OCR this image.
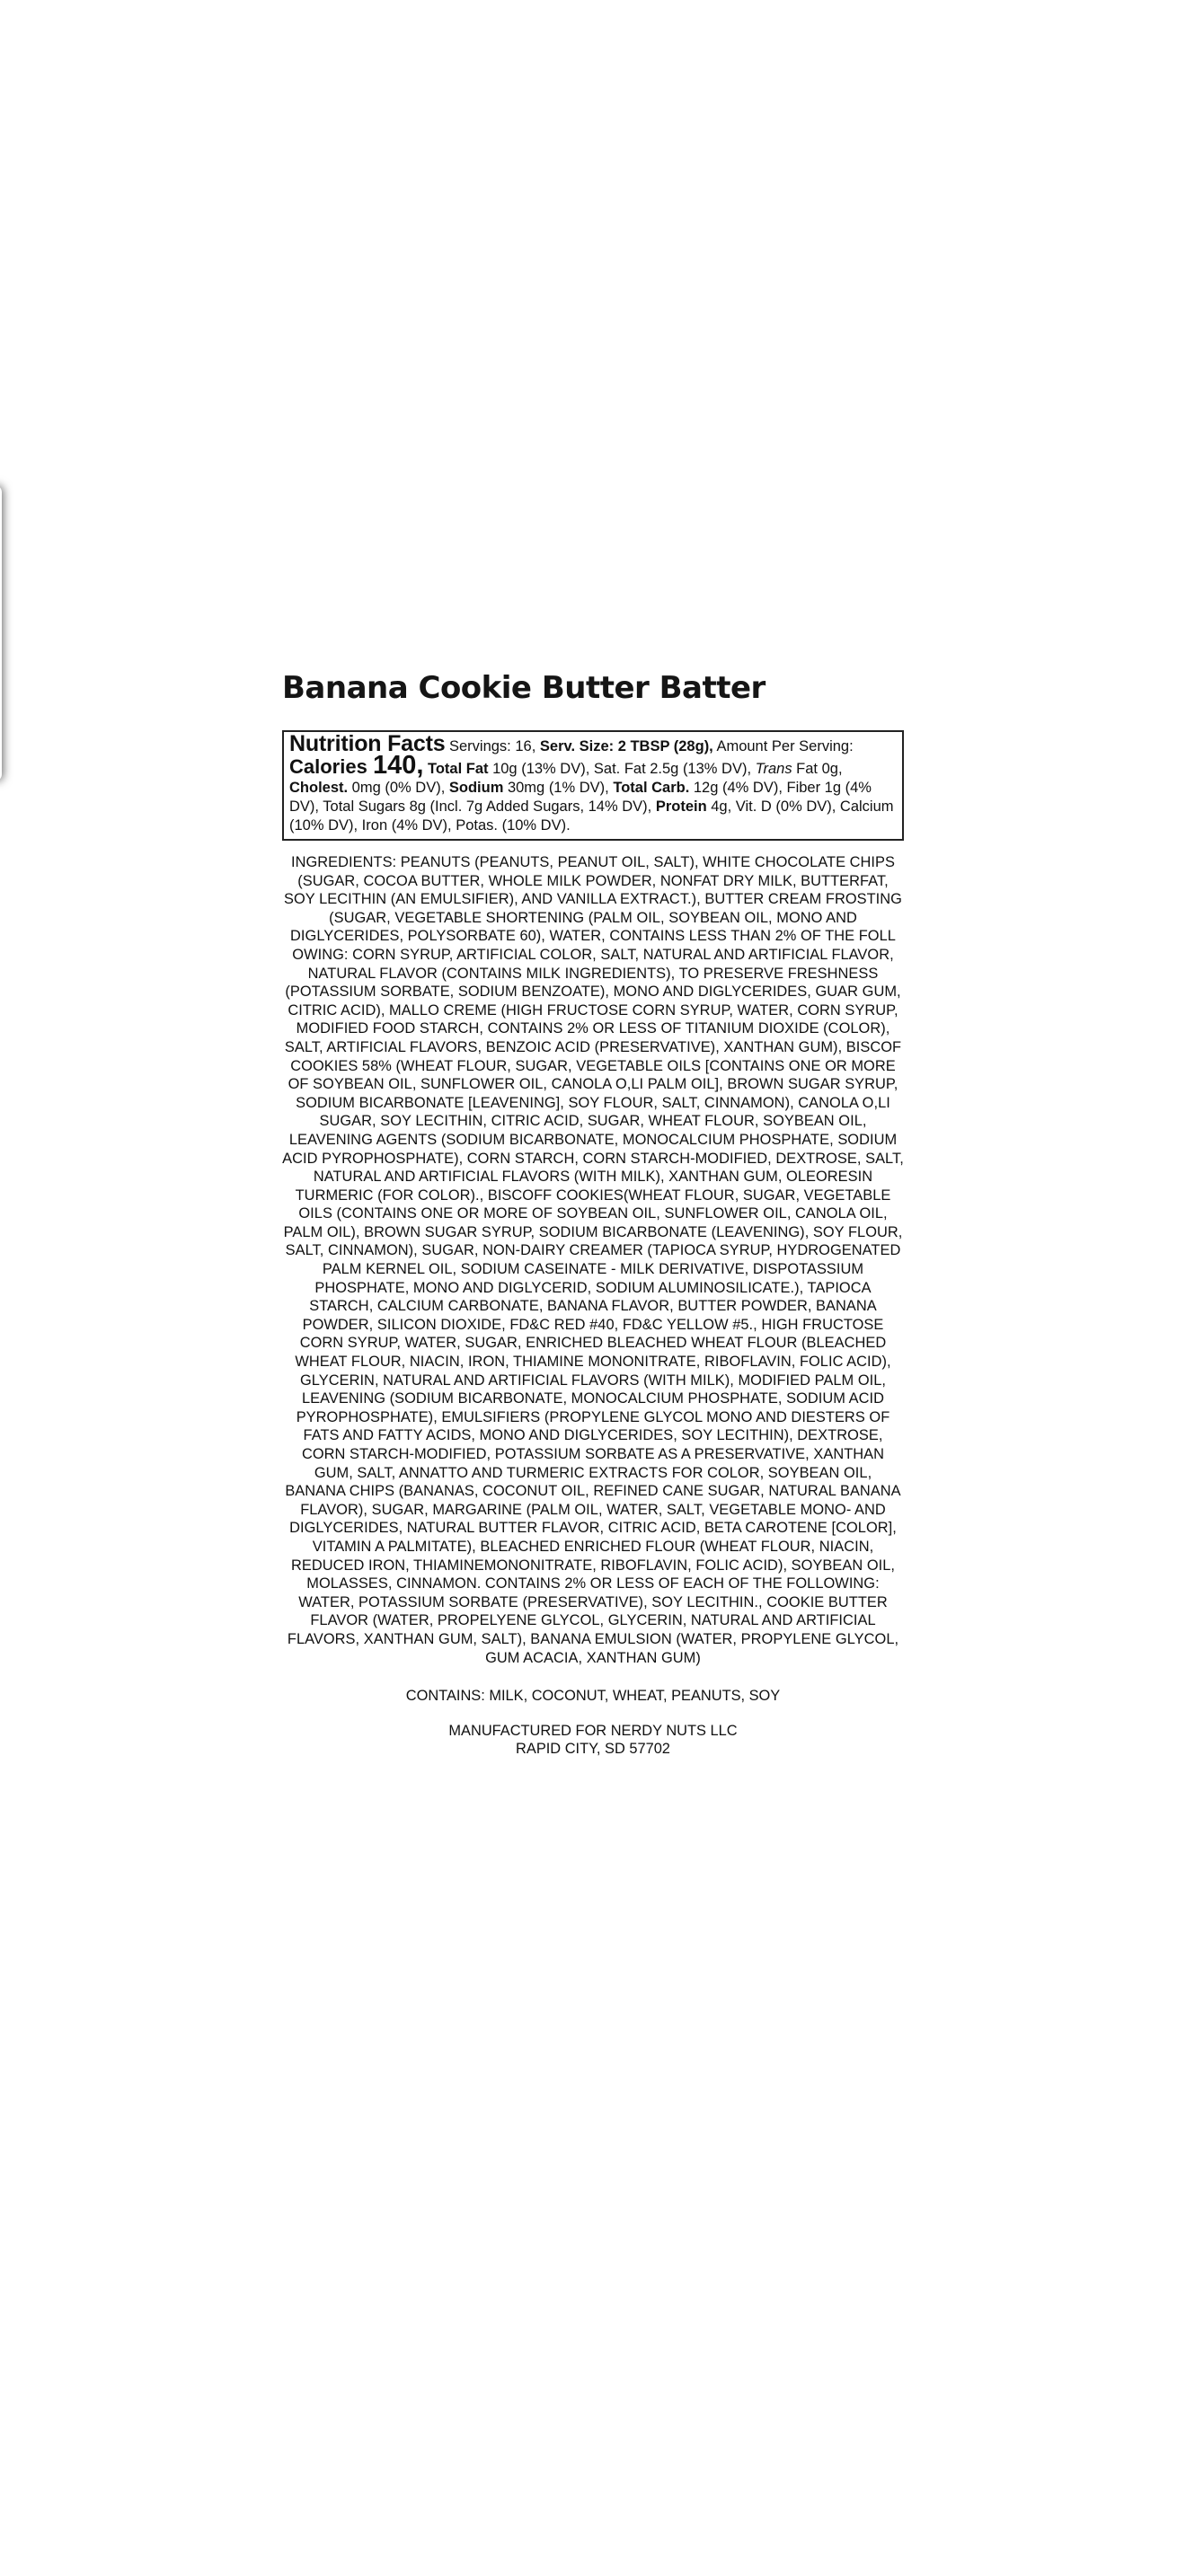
Banana Cookie Butter Batter
Nutrition Facts Servings: 16, Serv. Size: 2 TBSP (28g), Amount Per Serving: Calories 140, Total Fat 10g (13% DV), Sat. Fat 2.5g (13% DV), Trans Fat 0g, Cholest. 0mg (0% DV), Sodium 30mg (1% DV), Total Carb. 12g (4% DV), Fiber 1g (4% DV), Total Sugars 8g (Incl. 7g Added Sugars, 14% DV), Protein 4g, Vit. D (0% DV), Calcium (10% DV), Iron (4% DV), Potas. (10% DV).

INGREDIENTS: PEANUTS (PEANUTS, PEANUT OIL, SALT), WHITE CHOCOLATE CHIPS (SUGAR, COCOA BUTTER, WHOLE MILK POWDER, NONFAT DRY MILK, BUTTERFAT, SOY LECITHIN (AN EMULSIFIER), AND VANILLA EXTRACT.), BUTTER CREAM FROSTING (SUGAR, VEGETABLE SHORTENING (PALM OIL, SOYBEAN OIL, MONO AND DIGLYCERIDES, POLYSORBATE 60), WATER, CONTAINS LESS THAN 2% OF THE FOLL OWING: CORN SYRUP, ARTIFICIAL COLOR, SALT, NATURAL AND ARTIFICIAL FLAVOR, NATURAL FLAVOR (CONTAINS MILK INGREDIENTS), TO PRESERVE FRESHNESS (POTASSIUM SORBATE, SODIUM BENZOATE), MONO AND DIGLYCERIDES, GUAR GUM, CITRIC ACID), MALLO CREME (HIGH FRUCTOSE CORN SYRUP, WATER, CORN SYRUP, MODIFIED FOOD STARCH, CONTAINS 2% OR LESS OF TITANIUM DIOXIDE (COLOR), SALT, ARTIFICIAL FLAVORS, BENZOIC ACID (PRESERVATIVE), XANTHAN GUM), BISCOF COOKIES 58% (WHEAT FLOUR, SUGAR, VEGETABLE OILS [CONTAINS ONE OR MORE OF SOYBEAN OIL, SUNFLOWER OIL, CANOLA O,LI PALM OIL], BROWN SUGAR SYRUP, SODIUM BICARBONATE [LEAVENING], SOY FLOUR, SALT, CINNAMON), CANOLA O,LI SUGAR, SOY LECITHIN, CITRIC ACID, SUGAR, WHEAT FLOUR, SOYBEAN OIL, LEAVENING AGENTS (SODIUM BICARBONATE, MONOCALCIUM PHOSPHATE, SODIUM ACID PYROPHOSPHATE), CORN STARCH, CORN STARCH-MODIFIED, DEXTROSE, SALT, NATURAL AND ARTIFICIAL FLAVORS (WITH MILK), XANTHAN GUM, OLEORESIN TURMERIC (FOR COLOR)., BISCOFF COOKIES(WHEAT FLOUR, SUGAR, VEGETABLE OILS (CONTAINS ONE OR MORE OF SOYBEAN OIL, SUNFLOWER OIL, CANOLA OIL, PALM OIL), BROWN SUGAR SYRUP, SODIUM BICARBONATE (LEAVENING), SOY FLOUR, SALT, CINNAMON), SUGAR, NON-DAIRY CREAMER (TAPIOCA SYRUP, HYDROGENATED PALM KERNEL OIL, SODIUM CASEINATE - MILK DERIVATIVE, DISPOTASSIUM PHOSPHATE, MONO AND DIGLYCERID, SODIUM ALUMINOSILICATE.), TAPIOCA STARCH, CALCIUM CARBONATE, BANANA FLAVOR, BUTTER POWDER, BANANA POWDER, SILICON DIOXIDE, FD&C RED #40, FD&C YELLOW #5., HIGH FRUCTOSE CORN SYRUP, WATER, SUGAR, ENRICHED BLEACHED WHEAT FLOUR (BLEACHED WHEAT FLOUR, NIACIN, IRON, THIAMINE MONONITRATE, RIBOFLAVIN, FOLIC ACID), GLYCERIN, NATURAL AND ARTIFICIAL FLAVORS (WITH MILK), MODIFIED PALM OIL, LEAVENING (SODIUM BICARBONATE, MONOCALCIUM PHOSPHATE, SODIUM ACID PYROPHOSPHATE), EMULSIFIERS (PROPYLENE GLYCOL MONO AND DIESTERS OF FATS AND FATTY ACIDS, MONO AND DIGLYCERIDES, SOY LECITHIN), DEXTROSE, CORN STARCH-MODIFIED, POTASSIUM SORBATE AS A PRESERVATIVE, XANTHAN GUM, SALT, ANNATTO AND TURMERIC EXTRACTS FOR COLOR, SOYBEAN OIL, BANANA CHIPS (BANANAS, COCONUT OIL, REFINED CANE SUGAR, NATURAL BANANA FLAVOR), SUGAR, MARGARINE (PALM OIL, WATER, SALT, VEGETABLE MONO- AND DIGLYCERIDES, NATURAL BUTTER FLAVOR, CITRIC ACID, BETA CAROTENE [COLOR], VITAMIN A PALMITATE), BLEACHED ENRICHED FLOUR (WHEAT FLOUR, NIACIN, REDUCED IRON, THIAMINEMONONITRATE, RIBOFLAVIN, FOLIC ACID), SOYBEAN OIL, MOLASSES, CINNAMON. CONTAINS 2% OR LESS OF EACH OF THE FOLLOWING: WATER, POTASSIUM SORBATE (PRESERVATIVE), SOY LECITHIN., COOKIE BUTTER FLAVOR (WATER, PROPELYENE GLYCOL, GLYCERIN, NATURAL AND ARTIFICIAL FLAVORS, XANTHAN GUM, SALT), BANANA EMULSION (WATER, PROPYLENE GLYCOL, GUM ACACIA, XANTHAN GUM)

CONTAINS: MILK, COCONUT, WHEAT, PEANUTS, SOY

MANUFACTURED FOR NERDY NUTS LLC
RAPID CITY, SD 57702
